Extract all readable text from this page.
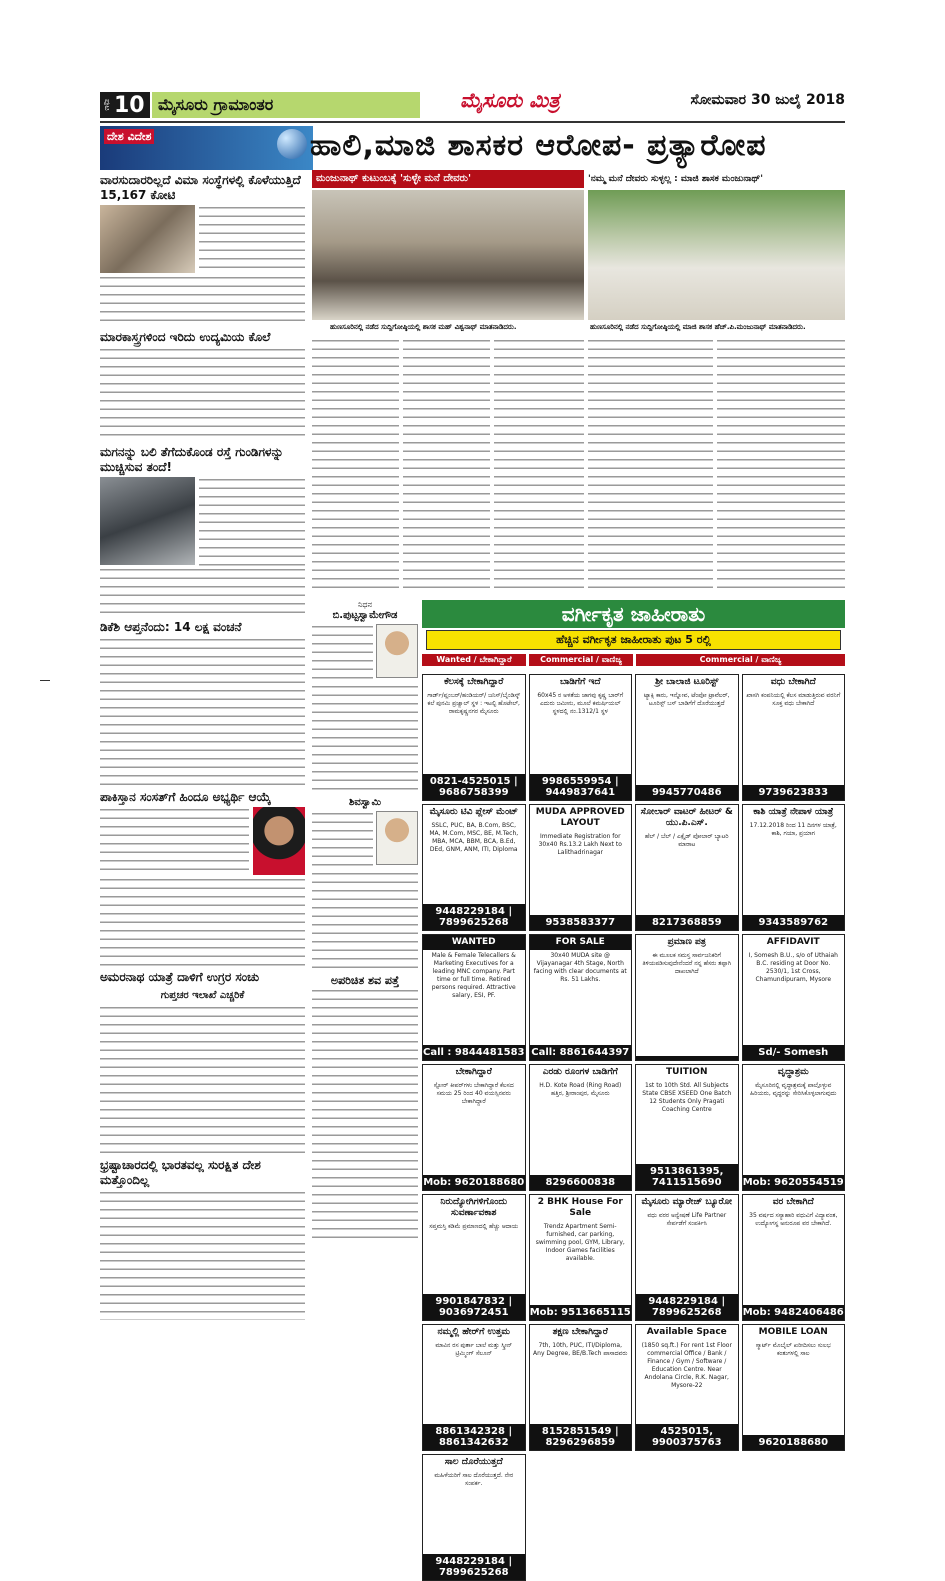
ಪುಟ 10 ಮೈಸೂರು ಗ್ರಾಮಾಂತರ	ಮೈಸೂರು ಮಿತ್ರ	ಸೋಮವಾರ 30 ಜುಲೈ 2018
ದೇಶ ವಿದೇಶ
ವಾರಸುದಾರರಿಲ್ಲದೆ ವಿಮಾ ಸಂಸ್ಥೆಗಳಲ್ಲಿ ಕೊಳೆಯುತ್ತಿದೆ 15,167 ಕೋಟಿ
ಮಾರಕಾಸ್ತ್ರಗಳಿಂದ ಇರಿದು ಉದ್ಯಮಿಯ ಕೊಲೆ
ಮಗನನ್ನು ಬಲಿ ತೆಗೆದುಕೊಂಡ ರಸ್ತೆ ಗುಂಡಿಗಳನ್ನು ಮುಚ್ಚಿಸುವ ತಂದೆ!
ಡಿಕೆಶಿ ಆಪ್ತನೆಂದು: 14 ಲಕ್ಷ ವಂಚನೆ
ಪಾಕಿಸ್ತಾನ ಸಂಸತ್‌ಗೆ ಹಿಂದೂ ಅಭ್ಯರ್ಥಿ ಆಯ್ಕೆ
ಅಮರನಾಥ ಯಾತ್ರೆ ದಾಳಿಗೆ ಉಗ್ರರ ಸಂಚು
ಗುಪ್ತಚರ ಇಲಾಖೆ ಎಚ್ಚರಿಕೆ
ಭ್ರಷ್ಟಾಚಾರದಲ್ಲಿ ಭಾರತವಲ್ಲ ಸುರಕ್ಷಿತ ದೇಶ ಮತ್ತೊಂದಿಲ್ಲ
ಹಾಲಿ,ಮಾಜಿ ಶಾಸಕರ ಆರೋಪ- ಪ್ರತ್ಯಾರೋಪ
ಮಂಜುನಾಥ್ ಕುಟುಂಬಕ್ಕೆ 'ಸುಳ್ಳೇ ಮನೆ ದೇವರು'	'ನಮ್ಮ ಮನೆ ದೇವರು ಸುಳ್ಳಲ್ಲ : ಮಾಜಿ ಶಾಸಕ ಮಂಜುನಾಥ್'
ಹುಣಸೂರಿನಲ್ಲಿ ನಡೆದ ಸುದ್ದಿಗೋಷ್ಠಿಯಲ್ಲಿ ಶಾಸಕ ಮಹ್ ವಿಶ್ವನಾಥ್ ಮಾತನಾಡಿದರು.	ಹುಣಸೂರಿನಲ್ಲಿ ನಡೆದ ಸುದ್ದಿಗೋಷ್ಠಿಯಲ್ಲಿ ಮಾಜಿ ಶಾಸಕ ಹೆಚ್.ಪಿ.ಮಂಜುನಾಥ್ ಮಾತನಾಡಿದರು.
ನಿಧನ
ಬಿ.ಪುಟ್ಟಸ್ವಾಮೇಗೌಡ
ಶಿವಸ್ವಾಮಿ
ಅಪರಿಚಿತ ಶವ ಪತ್ತೆ
ವರ್ಗೀಕೃತ ಜಾಹೀರಾತು
ಹೆಚ್ಚಿನ ವರ್ಗೀಕೃತ ಜಾಹೀರಾತು ಪುಟ 5 ರಲ್ಲಿ
Wanted / ಬೇಕಾಗಿದ್ದಾರೆ	Commercial / ವಾಣಿಜ್ಯ	Commercial / ವಾಣಿಜ್ಯ
ಕೆಲಸಕ್ಕೆ ಬೇಕಾಗಿದ್ದಾರೆ
ಗಾರ್ಡ್/ಪ್ಲಂಬರ್/ಹಂಡಿಯರ್/ ಜನಿಸ್/ಬೈಂಡಿಸ್ಕ್ ಕಲೆ ಪುನಮಿ ಪ್ರಜ್ವಾಲ್ ಸ್ಥಳ : ಇಟಲ್ಟಿ ಹೊಟೇಲ್, ರಾಮಕೃಷ್ಣನಗರ ಮೈಸೂರು
0821-4525015 | 9686758399
ಬಾಡಿಗೆಗೆ ಇದೆ
60x45 ರ ಅಳತೆಯ ಜಾಗವು ಕೃಷ್ಣ ಬಾರ್‌ಗೆ ಎದುರು ಜಮೀನು, ಮೂಲೆ ಕಮರ್ಷಿಯಲ್ ಸ್ಥಳದಲ್ಲಿ ನಂ.1312/1 ಸ್ಥಳ
9986559954 | 9449837641
ಶ್ರೀ ಬಾಲಾಜಿ ಟೂರಿಸ್ಟ್
ಟ್ಯಾಕ್ಸಿ ಕಾರು, ಇನ್ನೋವ, ಟೆಂಪೋ ಟ್ರಾವೆಲರ್, ಟೂರಿಸ್ಟ್ ಬಸ್ ಬಾಡಿಗೆಗೆ ದೊರೆಯುತ್ತದೆ
9945770486
ವಧು ಬೇಕಾಗಿದೆ
ಖಾಸಗಿ ಕಂಪನಿಯಲ್ಲಿ ಕೆಲಸ ಮಾಡುತ್ತಿರುವ ವರನಿಗೆ ಸೂಕ್ತ ವಧು ಬೇಕಾಗಿದೆ
9739623833
ಮೈಸೂರು ಟಿವಿ ಪ್ಲೇಸ್ ಮೆಂಟ್
SSLC, PUC, BA, B.Com, BSC, MA, M.Com, MSC, BE, M.Tech, MBA, MCA, BBM, BCA, B.Ed, DEd, GNM, ANM, ITI, Diploma
9448229184 | 7899625268
MUDA APPROVED LAYOUT
Immediate Registration for 30x40 Rs.13.2 Lakh Next to Lalithadrinagar
9538583377
ಸೋಲಾರ್ ವಾಟರ್ ಹೀಟರ್ & ಯು.ಪಿ.ಎಸ್.
ಹೆಲ್ / ಬೆಲ್ / ಎಕ್ಸೈಡ್ ಪೋಲಾರ್ ಬ್ಯಾಟರಿ ಮಾರಾಟ
8217368859
ಕಾಶಿ ಯಾತ್ರೆ ನೇಪಾಳ ಯಾತ್ರೆ
17.12.2018 ರಿಂದ 11 ದಿನಗಳ ಯಾತ್ರೆ, ಕಾಶಿ, ಗಯಾ, ಪ್ರಯಾಗ
9343589762
WANTED
Male & Female Telecallers & Marketing Executives for a leading MNC company. Part time or full time. Retired persons required. Attractive salary, ESI, PF.
Call : 9844481583
FOR SALE
30x40 MUDA site @ Vijayanagar 4th Stage, North facing with clear documents at Rs. 51 Lakhs.
Call: 8861644397
ಪ್ರಮಾಣ ಪತ್ರ
ಈ ಮೂಲಕ ಸಮಸ್ತ ಸಾರ್ವಜನಿಕರಿಗೆ ತಿಳಿಯಪಡಿಸುವುದೇನೆಂದರೆ ನನ್ನ ಹೆಸರು ತಪ್ಪಾಗಿ ದಾಖಲಾಗಿದೆ
AFFIDAVIT
I, Somesh B.U., s/o of Uthaiah B.C. residing at Door No. 2530/1, 1st Cross, Chamundipuram, Mysore
Sd/- Somesh
ಬೇಕಾಗಿದ್ದಾರೆ
ಸ್ಟೋರ್ ಕೀಪರ್‌ಗಳು ಬೇಕಾಗಿದ್ದಾರೆ ಕೆಲಸದ ಸಮಯ 25 ರಿಂದ 40 ವಯಸ್ಸಿನವರು ಬೇಕಾಗಿದ್ದಾರೆ
Mob: 9620188680
ಎರಡು ರೂಂಗಳ ಬಾಡಿಗೆಗೆ
H.D. Kote Road (Ring Road) ಹತ್ತಿರ, ಶ್ರೀರಾಂಪುರ, ಮೈಸೂರು
8296600838
TUITION
1st to 10th Std. All Subjects State CBSE XSEED One Batch 12 Students Only Pragati Coaching Centre
9513861395, 7411515690
ವೃದ್ಧಾಶ್ರಮ
ಮೈಸೂರಿನಲ್ಲಿ ವೃದ್ಧಾಶ್ರಮಕ್ಕೆ ಪಾಲ್ಗೊಳ್ಳುವ ಹಿರಿಯರು, ವೃದ್ಧರನ್ನು ಸೇರಿಸಿಕೊಳ್ಳಲಾಗುವುದು
Mob: 9620554519
ನಿರುದ್ಯೋಗಿಗಳಿಗೊಂದು ಸುವರ್ಣಾವಕಾಶ
ಸಪ್ತಮಸ್ತಿ ಕಡಿಮೆ ಪ್ರಮಾಣದಲ್ಲಿ ಹೆಚ್ಚು ಆದಾಯ
9901847832 | 9036972451
2 BHK House For Sale
Trendz Apartment Semi-furnished, car parking, swimming pool, GYM, Library, Indoor Games facilities available.
Mob: 9513665115
ಮೈಸೂರು ಮ್ಯಾರೇಜ್ ಬ್ಯೂರೋ
ವಧು ವರರ ಅನ್ವೇಷಣೆ Life Partner ಸೇರ್ಪಡೆಗೆ ಸಂಪರ್ಕಿಸಿ
9448229184 | 7899625268
ವರ ಬೇಕಾಗಿದೆ
35 ವರ್ಷದ ಸಸ್ಯಾಹಾರಿ ವಧುವಿಗೆ ವಿದ್ಯಾವಂತ, ಉದ್ಯೋಗಸ್ಥ ಅನುರೂಪ ವರ ಬೇಕಾಗಿದೆ.
Mob: 9482406486
ನಮ್ಮಲ್ಲಿ ಹೇರ್‌ಗೆ ಉತ್ತಮ
ಮಾವಿನ ರಸ ಪುರ್ತಾ ಬಾಲೆ ಮತ್ತು ಸ್ಕ್ರೀನ್ ಟ್ರಿಮ್ಮಿಂಗ್ ಸೆಲೂನ್
8861342328 | 8861342632
ತಕ್ಷಣ ಬೇಕಾಗಿದ್ದಾರೆ
7th, 10th, PUC, ITI/Diploma, Any Degree, BE/B.Tech ಪಾಸಾದವರು
8152851549 | 8296296859
Available Space
(1850 sq.ft.) For rent 1st Floor commercial Office / Bank / Finance / Gym / Software / Education Centre. Near Andolana Circle, R.K. Nagar, Mysore-22
4525015, 9900375763
MOBILE LOAN
ಸ್ಮಾರ್ಟ್ ಮೊಬೈಲ್ ಖರೀದಿಸಲು ಸುಲಭ ಕಂತುಗಳಲ್ಲಿ ಸಾಲ
9620188680
ಸಾಲ ದೊರೆಯುತ್ತದೆ
ಮಹಿಳೆಯರಿಗೆ ಸಾಲ ದೊರೆಯುತ್ತದೆ. ನೇರ ಸಂಪರ್ಕ.
9448229184 | 7899625268
